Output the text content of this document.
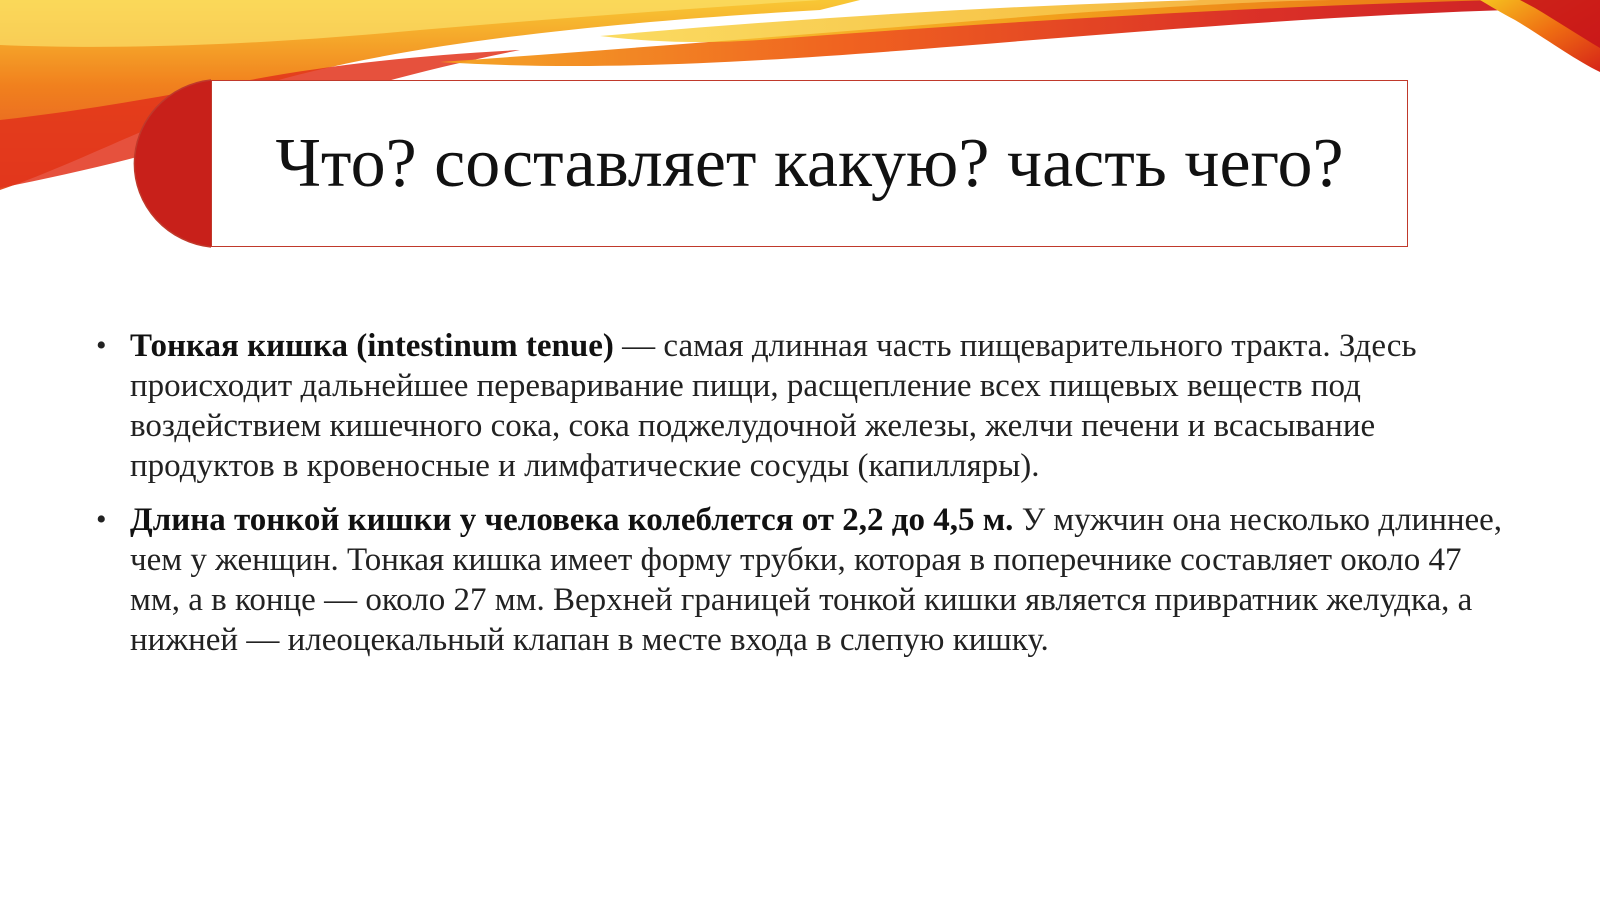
Что? составляет какую? часть чего?
• Тонкая кишка (intestinum tenue) — самая длинная часть пищеварительного тракта. Здесь происходит дальнейшее переваривание пищи, расщепление всех пищевых веществ под воздействием кишечного сока, сока поджелудочной железы, желчи печени и всасывание продуктов в кровеносные и лимфатические сосуды (капилляры).
• Длина тонкой кишки у человека колеблется от 2,2 до 4,5 м. У мужчин она несколько длиннее, чем у женщин. Тонкая кишка имеет форму трубки, которая в поперечнике составляет около 47 мм, а в конце — около 27 мм. Верхней границей тонкой кишки является привратник желудка, а нижней — илеоцекальный клапан в месте входа в слепую кишку.
